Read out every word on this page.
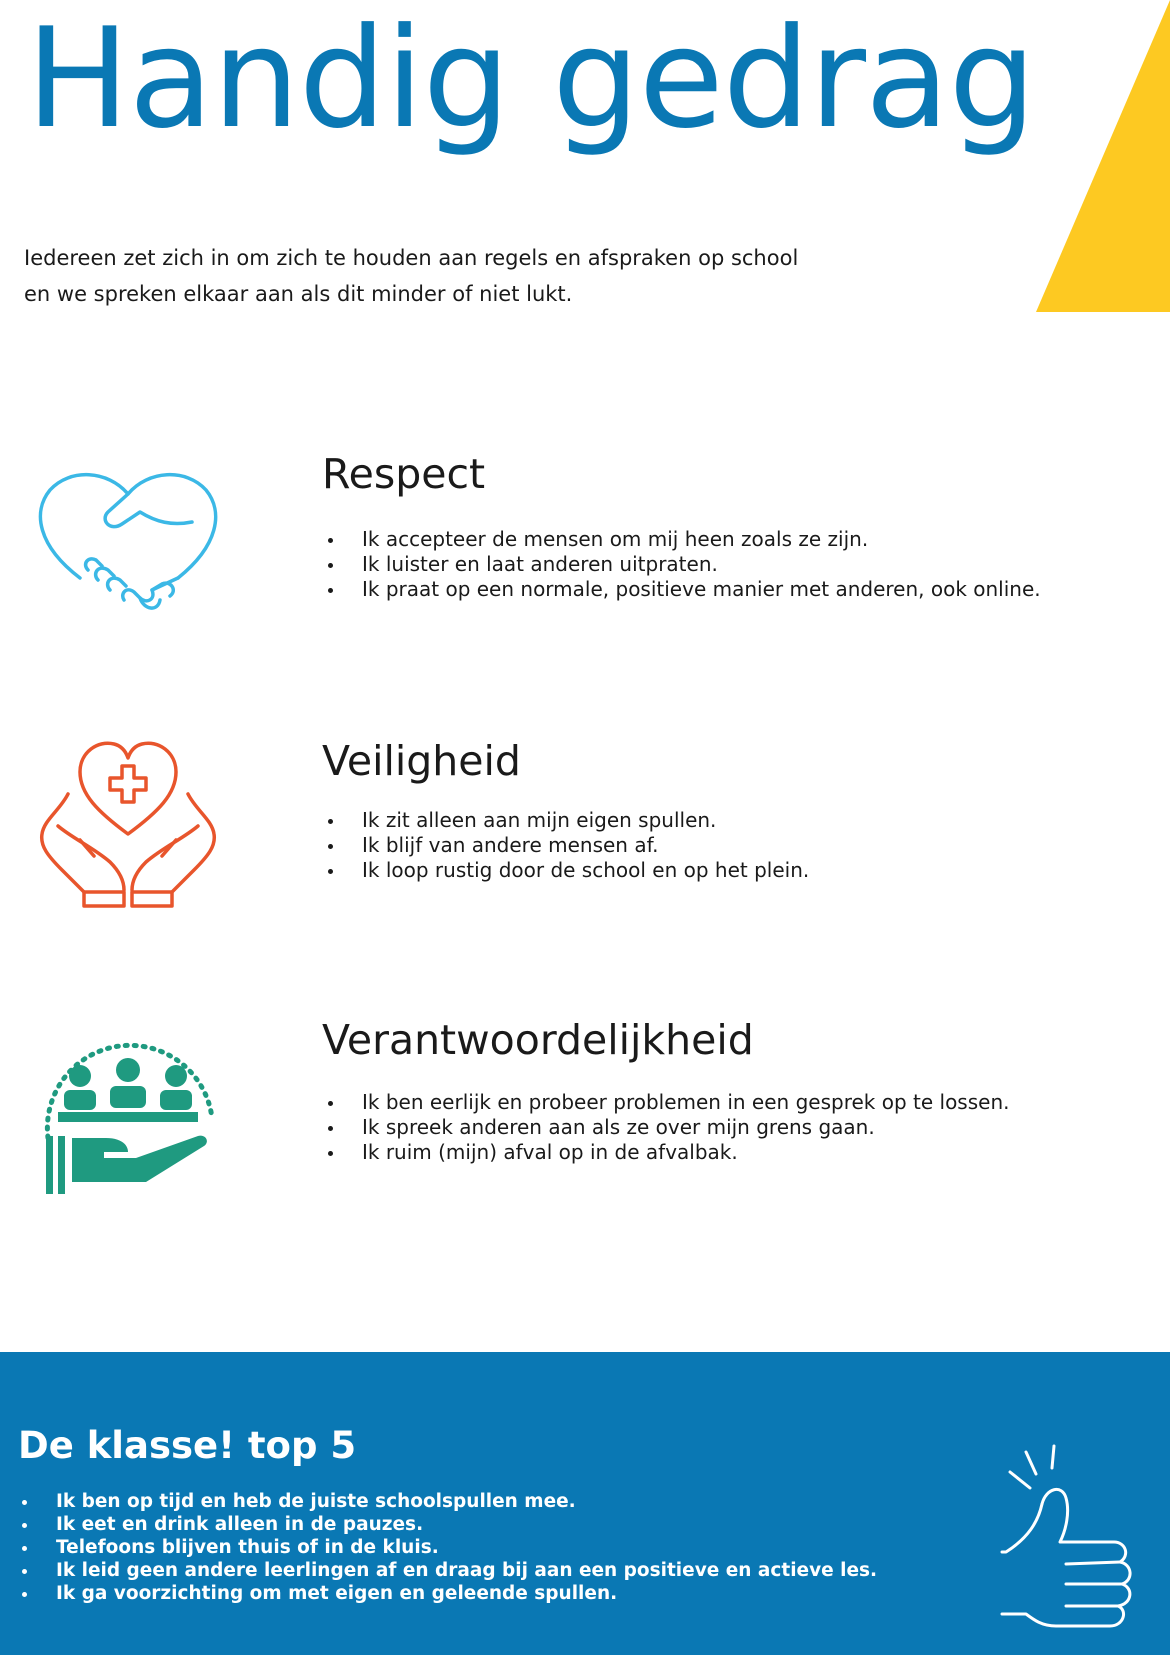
Handig gedrag
Iedereen zet zich in om zich te houden aan regels en afspraken op school
en we spreken elkaar aan als dit minder of niet lukt.
Respect
Ik accepteer de mensen om mij heen zoals ze zijn.
Ik luister en laat anderen uitpraten.
Ik praat op een normale, positieve manier met anderen, ook online.
Veiligheid
Ik zit alleen aan mijn eigen spullen.
Ik blijf van andere mensen af.
Ik loop rustig door de school en op het plein.
Verantwoordelijkheid
Ik ben eerlijk en probeer problemen in een gesprek op te lossen.
Ik spreek anderen aan als ze over mijn grens gaan.
Ik ruim (mijn) afval op in de afvalbak.
De klasse! top 5
Ik ben op tijd en heb de juiste schoolspullen mee.
Ik eet en drink alleen in de pauzes.
Telefoons blijven thuis of in de kluis.
Ik leid geen andere leerlingen af en draag bij aan een positieve en actieve les.
Ik ga voorzichting om met eigen en geleende spullen.
